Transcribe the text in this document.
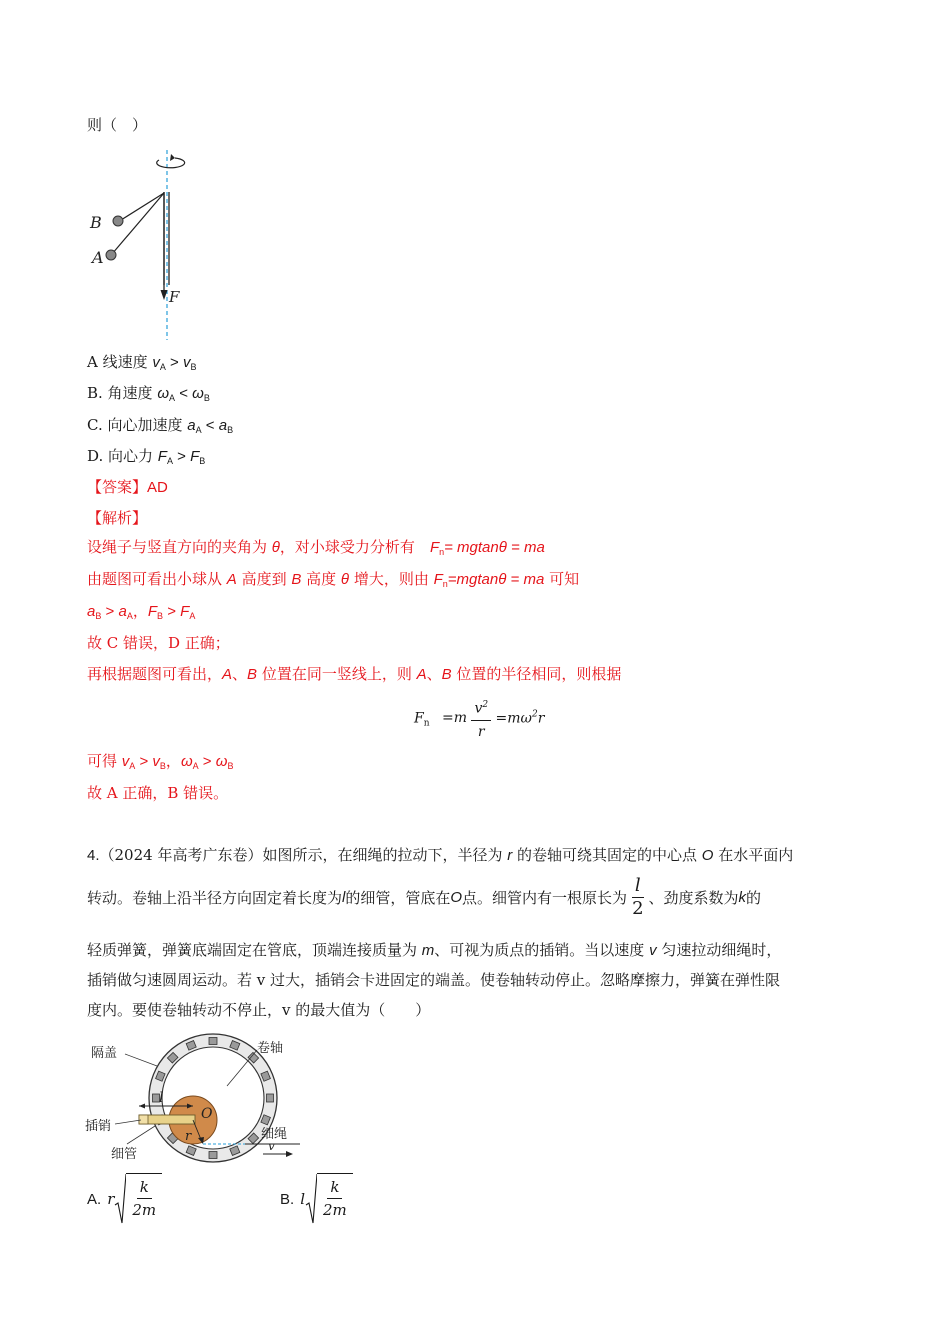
则（　）
B
A
F
A 线速度 $v_A > v_B$
B. 角速度 $\omega_A < \omega_B$
C. 向心加速度 $a_A < a_B$
D. 向心力 $F_A > F_B$
【答案】AD
【解析】
设绳子与竖直方向的夹角为 θ，对小球受力分析有　$F_n= mgtan\theta$ = ma
由题图可看出小球从 A 高度到 B 高度 θ 增大，则由 $F_n=mgtan\theta$ = ma 可知
$a_B > a_A$，$F_B > F_A$
故 C 错误，D 正确；
再根据题图可看出，A、B 位置在同一竖线上，则 A、B 位置的半径相同，则根据
$F_n =m \frac{v^2}{r} =m\omega^2r$
可得 $v_A > v_B$，$\omega_A > \omega_B$
故 A 正确，B 错误。
4.（2024 年高考广东卷）如图所示，在细绳的拉动下，半径为 r 的卷轴可绕其固定的中心点 O 在水平面内
转动。卷轴上沿半径方向固定着长度为 l 的细管，管底在 O 点。细管内有一根原长为 $\frac{l}{2}$ 、劲度系数为 k 的
轻质弹簧，弹簧底端固定在管底，顶端连接质量为 m、可视为质点的插销。当以速度 v 匀速拉动细绳时，
插销做匀速圆周运动。若 v 过大，插销会卡进固定的端盖。使卷轴转动停止。忽略摩擦力，弹簧在弹性限
度内。要使卷轴转动不停止，v 的最大值为（　　）
隔盖	卷轴
l
O
r
插销
细绳
v
细管
A. r $\frac{k}{2m}$	B. l $\frac{k}{2m}$
